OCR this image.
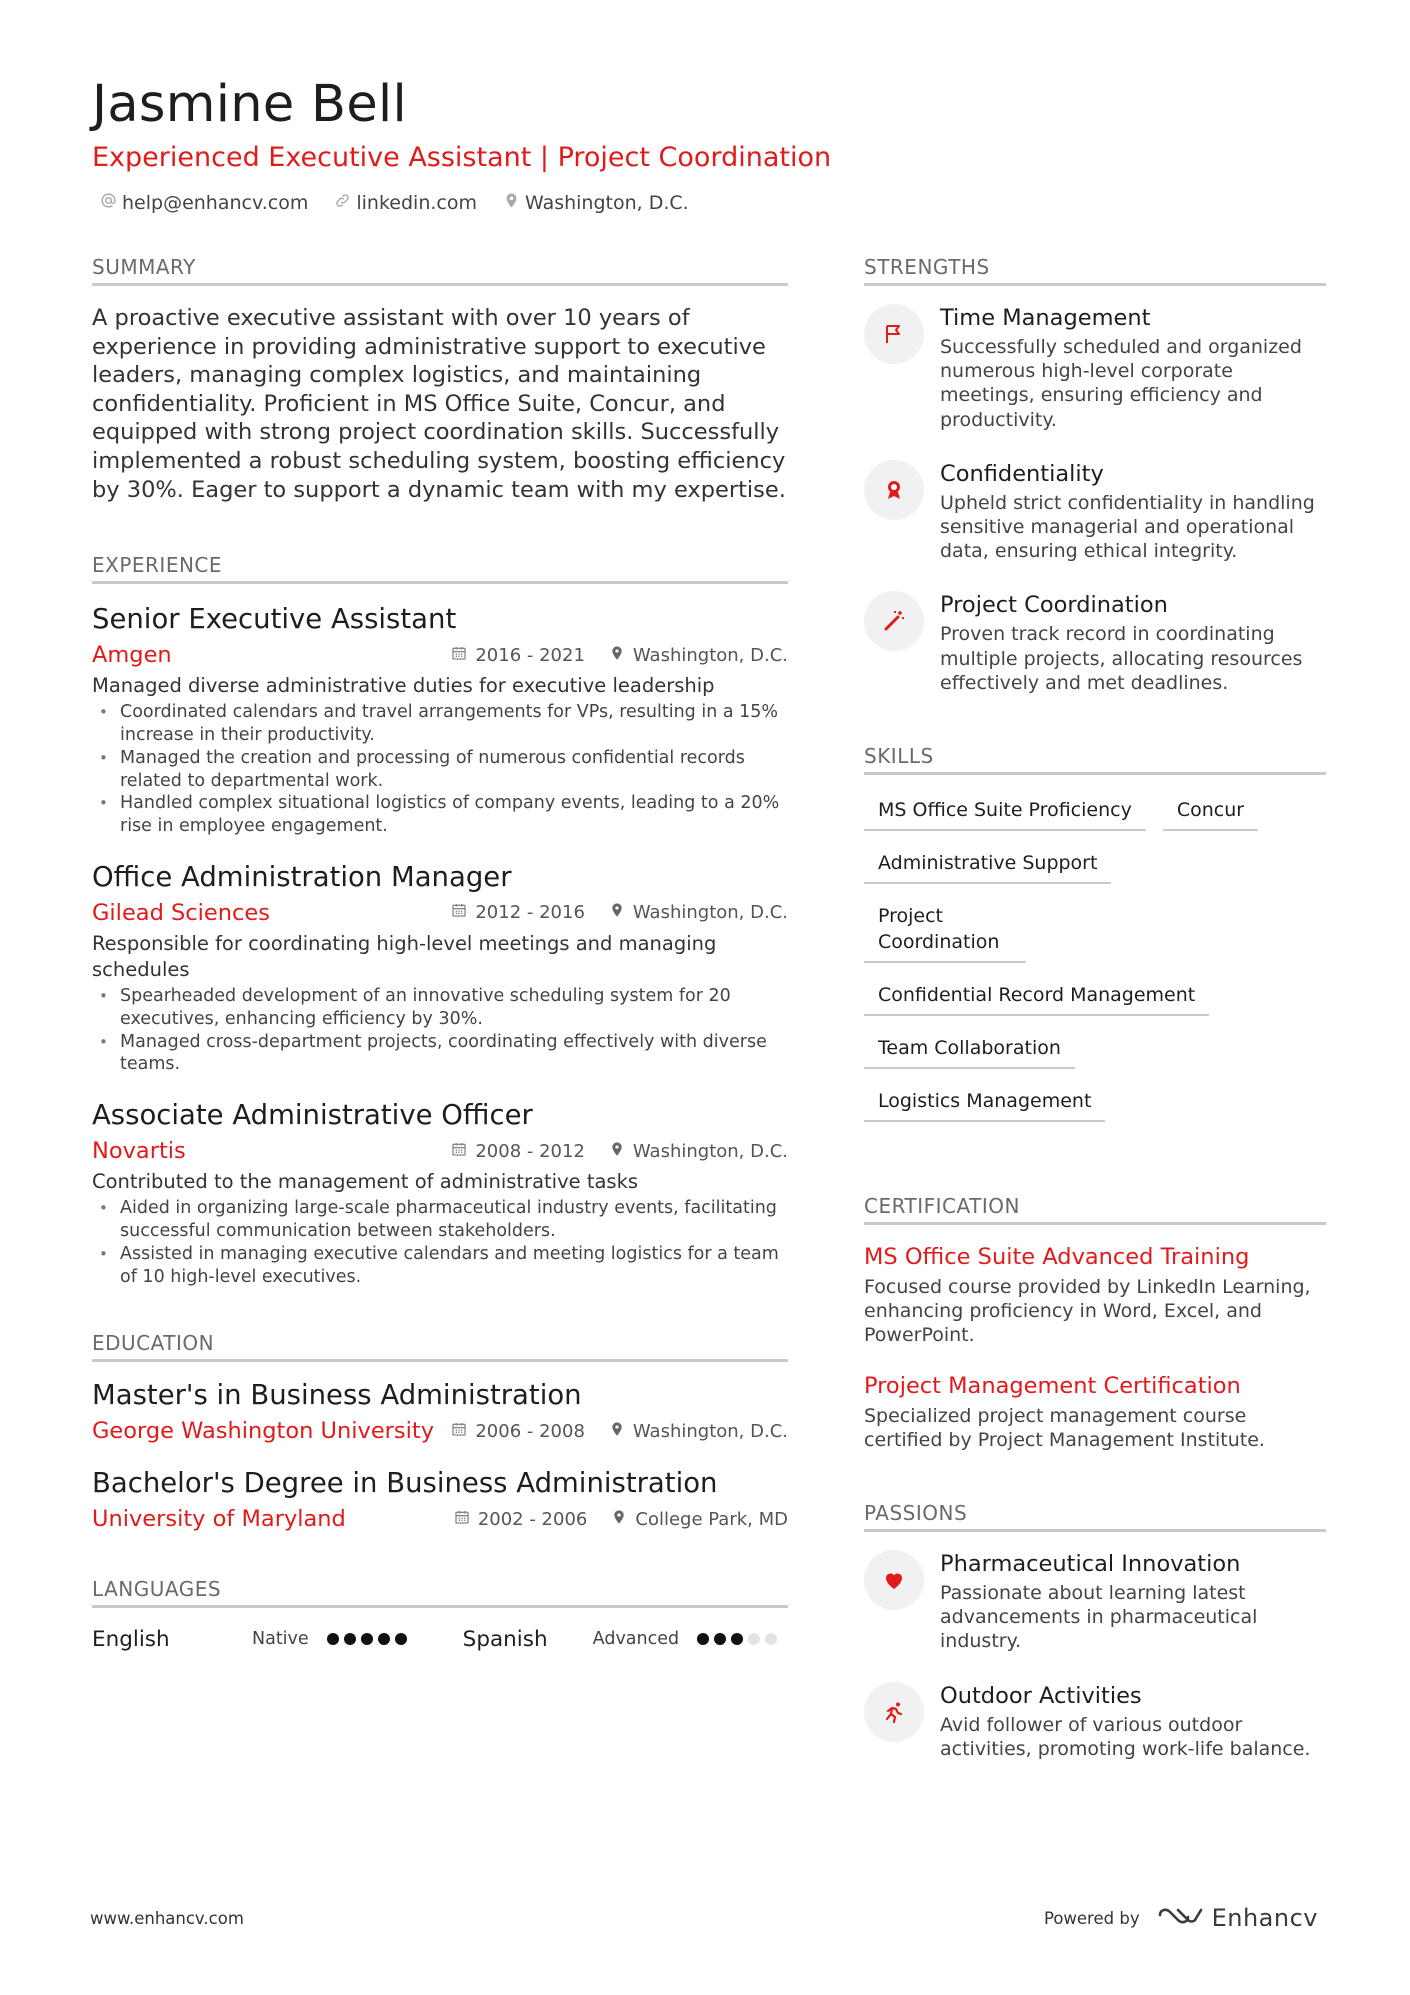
Jasmine Bell
Experienced Executive Assistant | Project Coordination
help@enhancv.com	linkedin.com	Washington, D.C.
SUMMARY
A proactive executive assistant with over 10 years of experience in providing administrative support to executive leaders, managing complex logistics, and maintaining confidentiality. Proficient in MS Office Suite, Concur, and equipped with strong project coordination skills. Successfully implemented a robust scheduling system, boosting efficiency by 30%. Eager to support a dynamic team with my expertise.
EXPERIENCE
Senior Executive Assistant
Amgen	2016 - 2021	Washington, D.C.
Managed diverse administrative duties for executive leadership
• Coordinated calendars and travel arrangements for VPs, resulting in a 15% increase in their productivity.
• Managed the creation and processing of numerous confidential records related to departmental work.
• Handled complex situational logistics of company events, leading to a 20% rise in employee engagement.
Office Administration Manager
Gilead Sciences	2012 - 2016	Washington, D.C.
Responsible for coordinating high-level meetings and managing schedules
• Spearheaded development of an innovative scheduling system for 20 executives, enhancing efficiency by 30%.
• Managed cross-department projects, coordinating effectively with diverse teams.
Associate Administrative Officer
Novartis	2008 - 2012	Washington, D.C.
Contributed to the management of administrative tasks
• Aided in organizing large-scale pharmaceutical industry events, facilitating successful communication between stakeholders.
• Assisted in managing executive calendars and meeting logistics for a team of 10 high-level executives.
EDUCATION
Master's in Business Administration
George Washington University 2006 - 2008	Washington, D.C.
Bachelor's Degree in Business Administration
University of Maryland	2002 - 2006	College Park, MD
LANGUAGES
English	Native	Spanish	Advanced
STRENGTHS
Time Management
Successfully scheduled and organized numerous high-level corporate meetings, ensuring efficiency and productivity.
Confidentiality
Upheld strict confidentiality in handling sensitive managerial and operational data, ensuring ethical integrity.
Project Coordination
Proven track record in coordinating multiple projects, allocating resources effectively and met deadlines.
SKILLS
MS Office Suite Proficiency	Concur
Administrative Support
Project Coordination
Confidential Record Management
Team Collaboration
Logistics Management
CERTIFICATION
MS Office Suite Advanced Training
Focused course provided by LinkedIn Learning, enhancing proficiency in Word, Excel, and PowerPoint.
Project Management Certification
Specialized project management course certified by Project Management Institute.
PASSIONS
Pharmaceutical Innovation
Passionate about learning latest advancements in pharmaceutical industry.
Outdoor Activities
Avid follower of various outdoor activities, promoting work-life balance.
www.enhancv.com	Powered by	Enhancv
